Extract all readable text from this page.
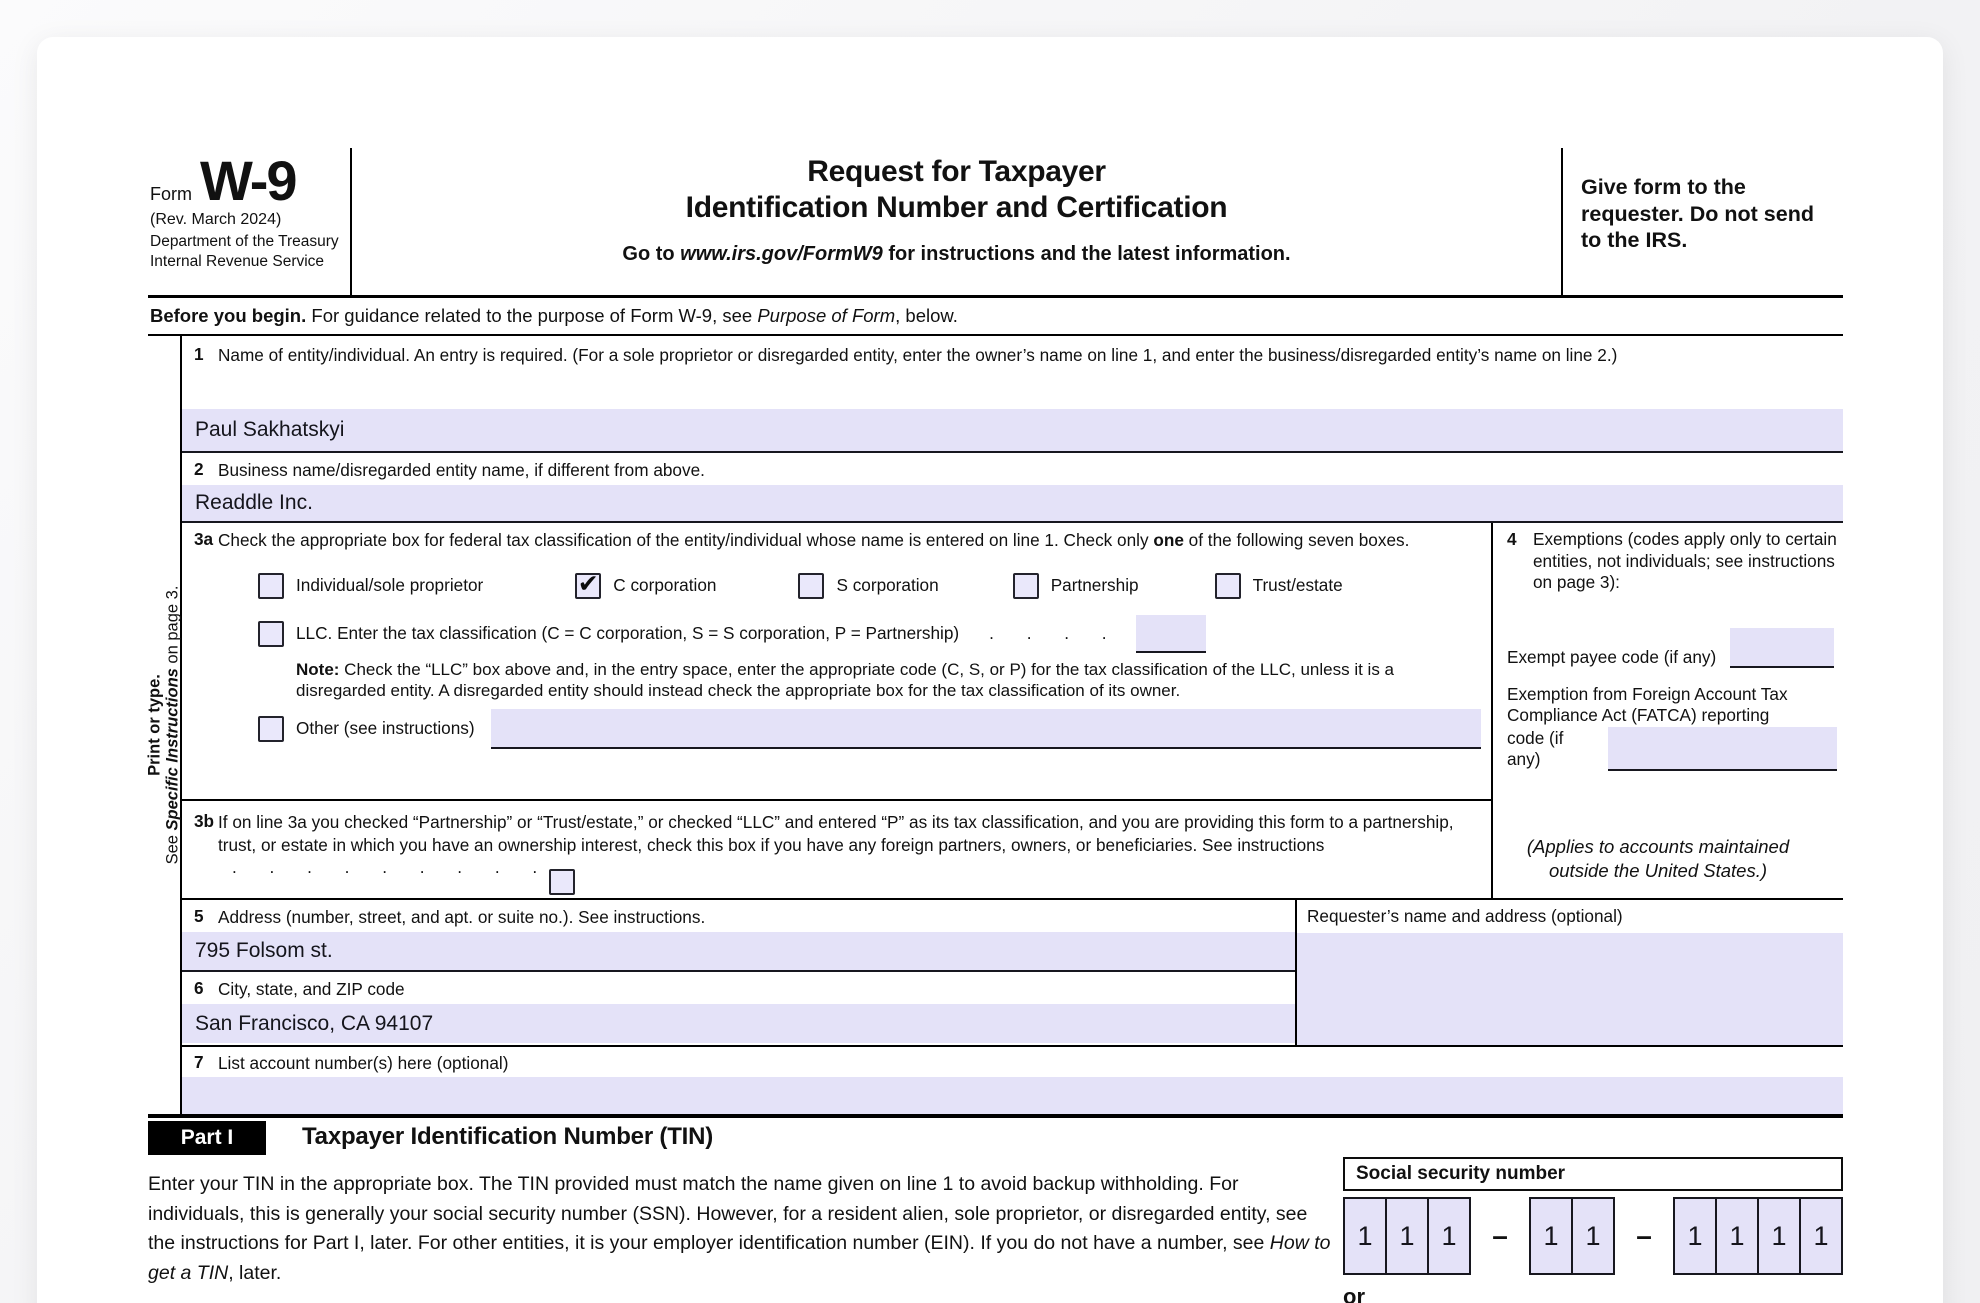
Form W-9
(Rev. March 2024)
Department of the Treasury
Internal Revenue Service
Request for Taxpayer
Identification Number and Certification
Go to www.irs.gov/FormW9 for instructions and the latest information.
Give form to the requester. Do not send to the IRS.
Before you begin. For guidance related to the purpose of Form W-9, see Purpose of Form, below.
Print or type.
See Specific Instructions on page 3.
1 Name of entity/individual. An entry is required. (For a sole proprietor or disregarded entity, enter the owner’s name on line 1, and enter the business/disregarded entity’s name on line 2.)
Paul Sakhatskyi
2 Business name/disregarded entity name, if different from above.
Readdle Inc.
3a Check the appropriate box for federal tax classification of the entity/individual whose name is entered on line 1. Check only one of the following seven boxes.
Individual/sole proprietor	✔ C corporation	S corporation	Partnership	Trust/estate
LLC. Enter the tax classification (C = C corporation, S = S corporation, P = Partnership) . . . .
Note: Check the “LLC” box above and, in the entry space, enter the appropriate code (C, S, or P) for the tax classification of the LLC, unless it is a disregarded entity. A disregarded entity should instead check the appropriate box for the tax classification of its owner.
Other (see instructions)
3b If on line 3a you checked “Partnership” or “Trust/estate,” or checked “LLC” and entered “P” as its tax classification, and you are providing this form to a partnership, trust, or estate in which you have an ownership interest, check this box if you have any foreign partners, owners, or beneficiaries. See instructions . . . . . . . . .
4 Exemptions (codes apply only to certain entities, not individuals; see instructions on page 3):
Exempt payee code (if any)
Exemption from Foreign Account Tax
Compliance Act (FATCA) reporting
code (if any)
(Applies to accounts maintained
outside the United States.)
5 Address (number, street, and apt. or suite no.). See instructions.
795 Folsom st.
6 City, state, and ZIP code
San Francisco, CA 94107
Requester’s name and address (optional)
7 List account number(s) here (optional)
Part I	Taxpayer Identification Number (TIN)
Enter your TIN in the appropriate box. The TIN provided must match the name given on line 1 to avoid backup withholding. For individuals, this is generally your social security number (SSN). However, for a resident alien, sole proprietor, or disregarded entity, see the instructions for Part I, later. For other entities, it is your employer identification number (EIN). If you do not have a number, see How to get a TIN, later.
Social security number
1 1 1	–	1 1	–	1 1 1 1
or
